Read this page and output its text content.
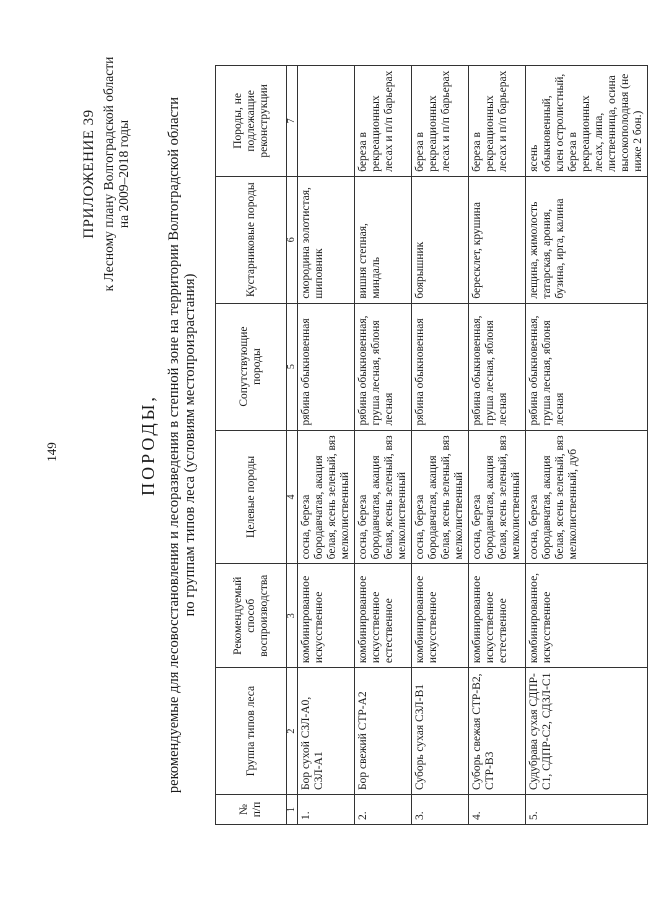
149
ПРИЛОЖЕНИЕ 39 к Лесному плану Волгоградской области на 2009–2018 годы
ПОРОДЫ, рекомендуемые для лесовосстановления и лесоразведения в степной зоне на территории Волгоградской области по группам типов леса (условиям местопроизрастания)
№ п/п	Группа типов леса	Рекомендуемый способ воспроизводства	Целевые породы	Сопутствующие породы	Кустарниковые породы	Породы, не подлежащие реконструкции
1	2	3	4	5	6	7
1.	Бор сухой СЗЛ-А0, СЗЛ-А1	комбинированное искусственное	сосна, береза бородавчатая, акация белая, ясень зеленый, вяз мелколиственный	рябина обыкновенная	смородина золотистая, шиповник	
2.	Бор свежий СТР-А2	комбинированное искусственное естественное	сосна, береза бородавчатая, акация белая, ясень зеленый, вяз мелколиственный	рябина обыкновенная, груша лесная, яблоня лесная	вишня степная, миндаль	береза в рекреационных лесах и п/п барьерах
3.	Суборь сухая СЗЛ-В1	комбинированное искусственное	сосна, береза бородавчатая, акация белая, ясень зеленый, вяз мелколиственный	рябина обыкновенная	боярышник	береза в рекреационных лесах и п/п барьерах
4.	Суборь свежая СТР-В2, СТР-В3	комбинированное искусственное естественное	сосна, береза бородавчатая, акация белая, ясень зеленый, вяз мелколиственный	рябина обыкновенная, груша лесная, яблоня лесная	бересклет, крушина	береза в рекреационных лесах и п/п барьерах
5.	Судубрава сухая СДПР-С1, СДПР-С2, СДЗЛ-С1	комбинированное, искусственное	сосна, береза бородавчатая, акация белая, ясень зеленый, вяз мелколиственный, дуб	рябина обыкновенная, груша лесная, яблоня лесная	лещина, жимолость татарская, арония, бузина, ирга, калина	ясень обыкновенный, клен остролистный, береза в рекреационных лесах, липа, лиственница, осина высокополодная (не ниже 2 бон.)
